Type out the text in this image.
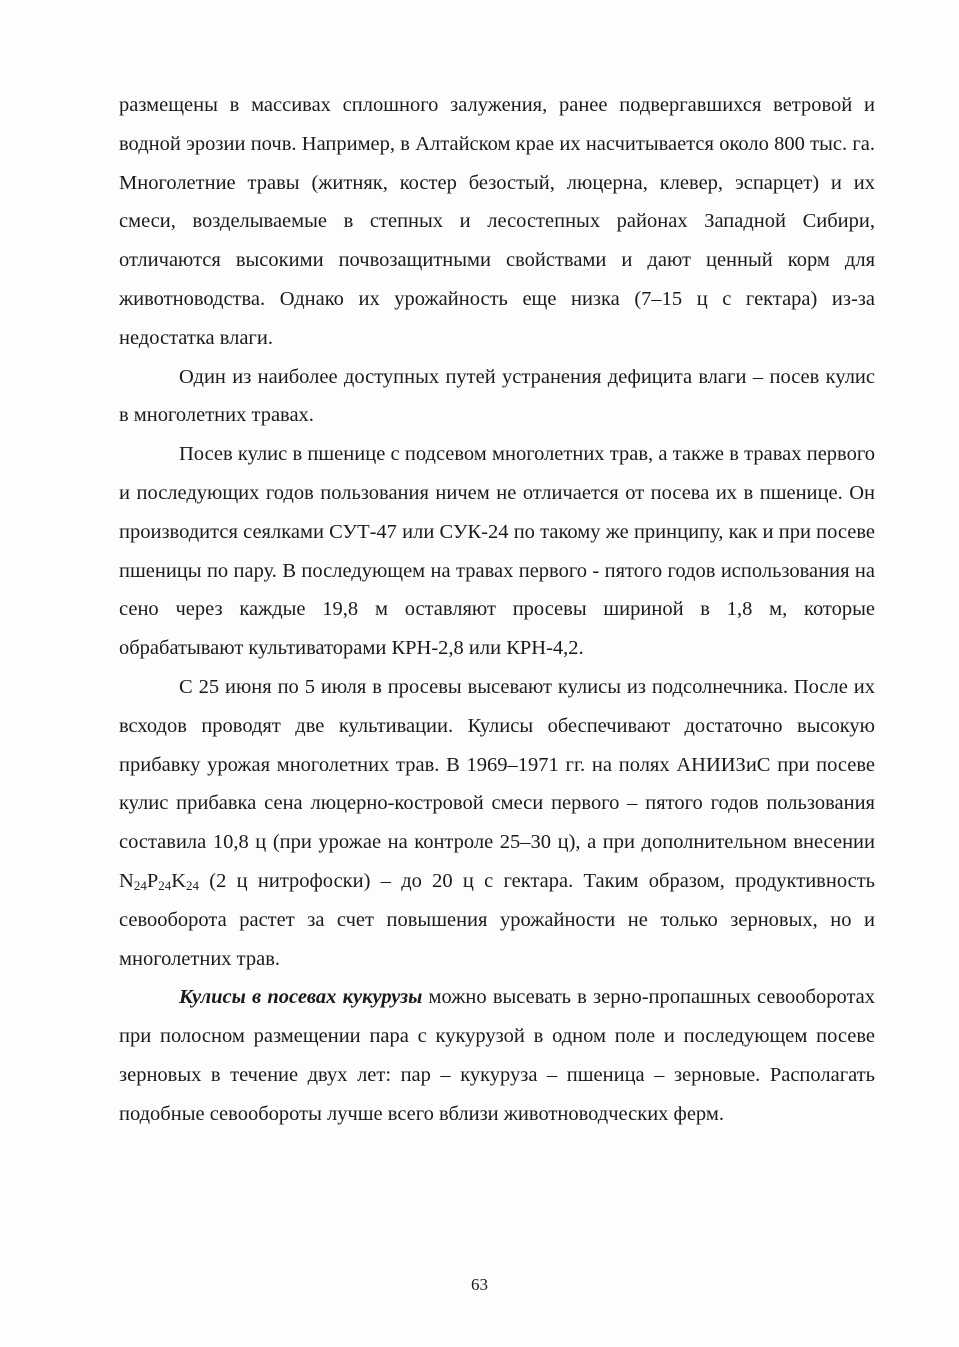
размещены в массивах сплошного залужения, ранее подвергавшихся ветровой и водной эрозии почв. Например, в Алтайском крае их насчитывается около 800 тыс. га. Многолетние травы (житняк, костер безостый, люцерна, клевер, эспарцет) и их смеси, возделываемые в степных и лесостепных районах Западной Сибири, отличаются высокими почвозащитными свойствами и дают ценный корм для животноводства. Однако их урожайность еще низка (7–15 ц с гектара) из-за недостатка влаги.

Один из наиболее доступных путей устранения дефицита влаги – посев кулис в многолетних травах.

Посев кулис в пшенице с подсевом многолетних трав, а также в травах первого и последующих годов пользования ничем не отличается от посева их в пшенице. Он производится сеялками СУТ-47 или СУК-24 по такому же принципу, как и при посеве пшеницы по пару. В последующем на травах первого - пятого годов использования на сено через каждые 19,8 м оставляют просевы шириной в 1,8 м, которые обрабатывают культиваторами КРН-2,8 или КРН-4,2.

С 25 июня по 5 июля в просевы высевают кулисы из подсолнечника. После их всходов проводят две культивации. Кулисы обеспечивают достаточно высокую прибавку урожая многолетних трав. В 1969–1971 гг. на полях АНИИЗиС при посеве кулис прибавка сена люцерно-костровой смеси первого – пятого годов пользования составила 10,8 ц (при урожае на контроле 25–30 ц), а при дополнительном внесении $N_{24}P_{24}K_{24}$ (2 ц нитрофоски) – до 20 ц с гектара. Таким образом, продуктивность севооборота растет за счет повышения урожайности не только зерновых, но и многолетних трав.

Кулисы в посевах кукурузы можно высевать в зерно-пропашных севооборотах при полосном размещении пара с кукурузой в одном поле и последующем посеве зерновых в течение двух лет: пар – кукуруза – пшеница – зерновые. Располагать подобные севообороты лучше всего вблизи животноводческих ферм.

63
